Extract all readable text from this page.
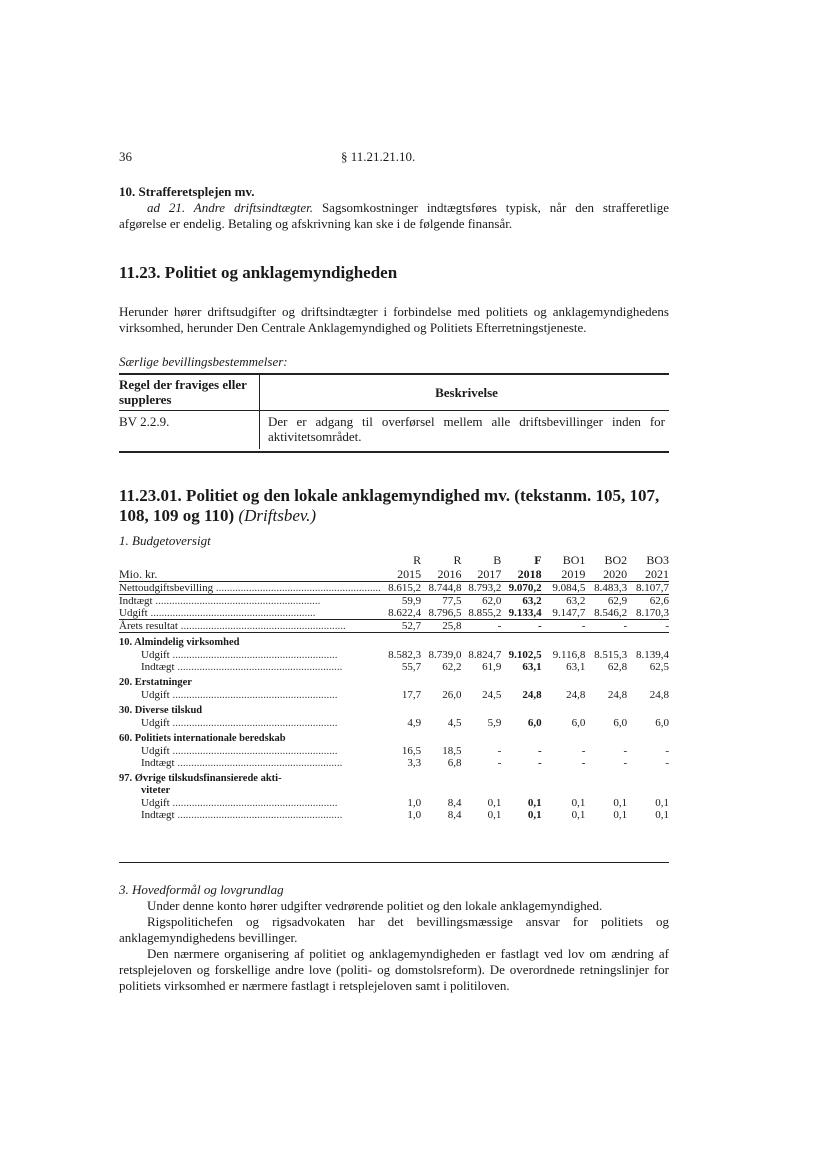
36	§ 11.21.21.10.
10. Strafferetsplejen mv.
ad 21. Andre driftsindtægter. Sagsomkostninger indtægtsføres typisk, når den strafferetlige afgørelse er endelig. Betaling og afskrivning kan ske i de følgende finansår.
11.23. Politiet og anklagemyndigheden
Herunder hører driftsudgifter og driftsindtægter i forbindelse med politiets og anklagemyndighedens virksomhed, herunder Den Centrale Anklagemyndighed og Politiets Efterretningstjeneste.
Særlige bevillingsbestemmelser:
Regel der fraviges eller suppleres	Beskrivelse
BV 2.2.9.	Der er adgang til overførsel mellem alle driftsbevillinger inden for aktivitetsområdet.
11.23.01. Politiet og den lokale anklagemyndighed mv. (tekstanm. 105, 107, 108, 109 og 110) (Driftsbev.)
1. Budgetoversigt
	R	R	B	F	BO1	BO2	BO3
Mio. kr.	2015	2016	2017	2018	2019	2020	2021
Nettoudgiftsbevilling ............................................................	8.615,2	8.744,8	8.793,2	9.070,2	9.084,5	8.483,3	8.107,7
Indtægt ............................................................	59,9	77,5	62,0	63,2	63,2	62,9	62,6
Udgift ............................................................	8.622,4	8.796,5	8.855,2	9.133,4	9.147,7	8.546,2	8.170,3
Årets resultat ............................................................	52,7	25,8	-	-	-	-	-
10. Almindelig virksomhed							
Udgift ............................................................	8.582,3	8.739,0	8.824,7	9.102,5	9.116,8	8.515,3	8.139,4
Indtægt ............................................................	55,7	62,2	61,9	63,1	63,1	62,8	62,5
20. Erstatninger							
Udgift ............................................................	17,7	26,0	24,5	24,8	24,8	24,8	24,8
30. Diverse tilskud							
Udgift ............................................................	4,9	4,5	5,9	6,0	6,0	6,0	6,0
60. Politiets internationale beredskab							
Udgift ............................................................	16,5	18,5	-	-	-	-	-
Indtægt ............................................................	3,3	6,8	-	-	-	-	-
97. Øvrige tilskudsfinansierede akti-							
viteter							
Udgift ............................................................	1,0	8,4	0,1	0,1	0,1	0,1	0,1
Indtægt ............................................................	1,0	8,4	0,1	0,1	0,1	0,1	0,1
3. Hovedformål og lovgrundlag
Under denne konto hører udgifter vedrørende politiet og den lokale anklagemyndighed.
Rigspolitichefen og rigsadvokaten har det bevillingsmæssige ansvar for politiets og anklagemyndighedens bevillinger.
Den nærmere organisering af politiet og anklagemyndigheden er fastlagt ved lov om ændring af retsplejeloven og forskellige andre love (politi- og domstolsreform). De overordnede retningslinjer for politiets virksomhed er nærmere fastlagt i retsplejeloven samt i politiloven.
